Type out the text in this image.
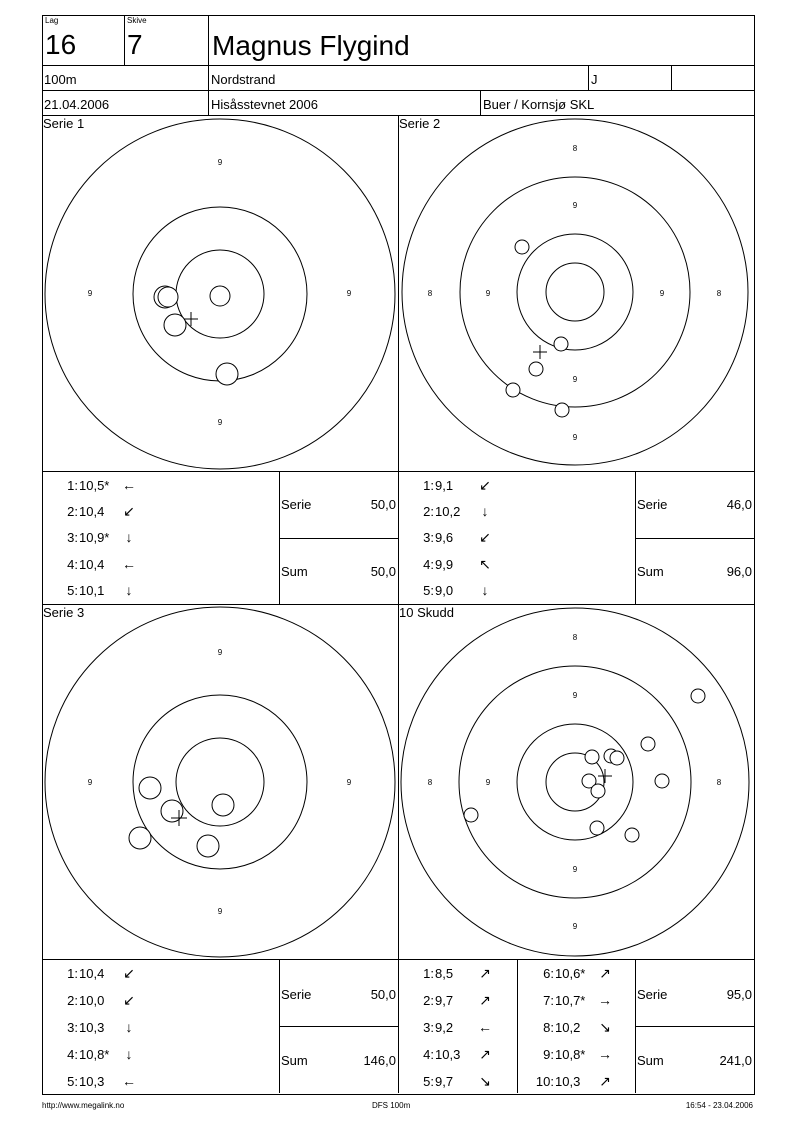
Lag
16
Skive
7 Magnus Flygind
100m	Nordstrand	J
21.04.2006	Hisåsstevnet 2006	Buer / Kornsjø SKL
Serie 1	Serie 2
Serie 3	10 Skudd
9
9	9
9
8
9
9	9
9
8
9
8
9
9	9
9
8
9
9
9
8
9
8
1:10,5* ←
2:10,4 ↙
3:10,9* ↓
4:10,4 ←
5:10,1 ↓
Serie	50,0
Sum	50,0
1:9,1 ↙
2:10,2 ↓
3:9,6 ↙
4:9,9 ↖
5:9,0 ↓
Serie	46,0
Sum	96,0
1:10,4 ↙
2:10,0 ↙
3:10,3 ↓
4:10,8* ↓
5:10,3 ←
Serie	50,0
Sum	146,0
1:8,5 ↗
2:9,7 ↗
3:9,2 ←
4:10,3 ↗
5:9,7 ↘
6:10,6* ↗
7:10,7* →
8:10,2 ↘
9:10,8* →
10:10,3 ↗
Serie	95,0
Sum	241,0
http://www.megalink.no	DFS 100m	16:54 - 23.04.2006
